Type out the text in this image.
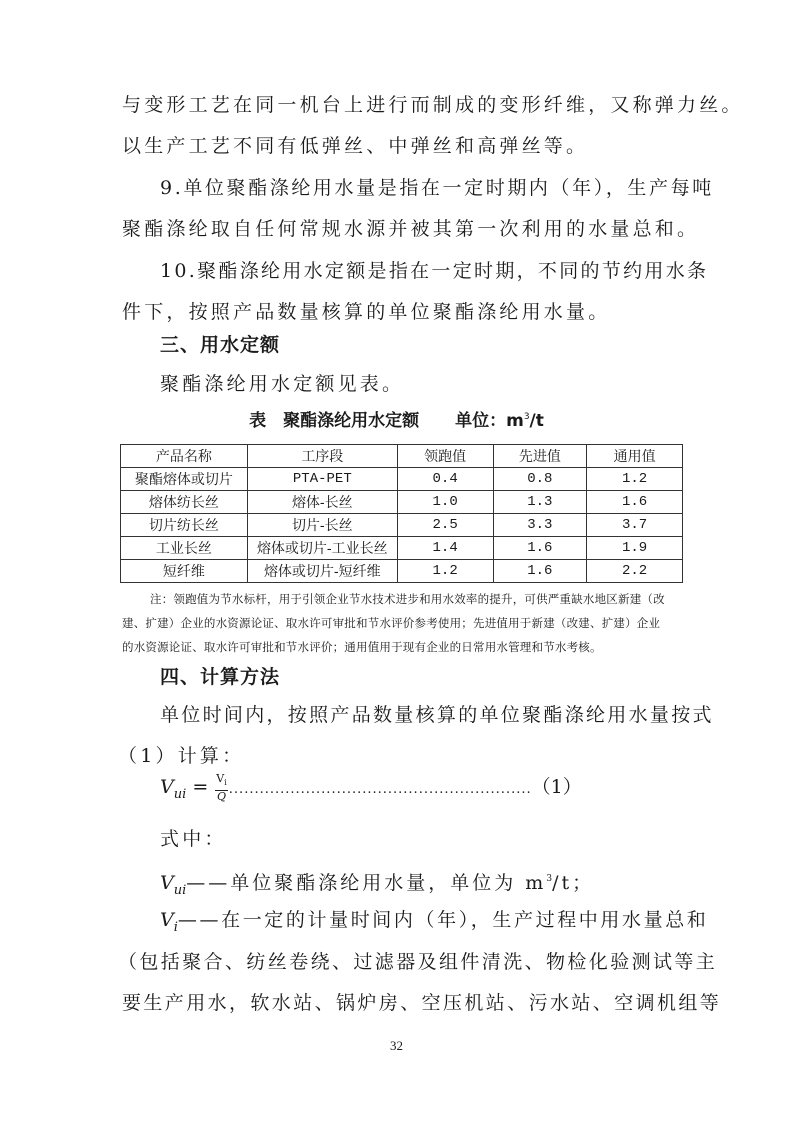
与变形工艺在同一机台上进行而制成的变形纤维，又称弹力丝。
以生产工艺不同有低弹丝、中弹丝和高弹丝等。
9.单位聚酯涤纶用水量是指在一定时期内（年），生产每吨
聚酯涤纶取自任何常规水源并被其第一次利用的水量总和。
10.聚酯涤纶用水定额是指在一定时期，不同的节约用水条
件下，按照产品数量核算的单位聚酯涤纶用水量。
三、用水定额
聚酯涤纶用水定额见表。
表　聚酯涤纶用水定额 单位：$m^3/t$
产品名称	工序段	领跑值	先进值	通用值
聚酯熔体或切片	PTA-PET	0.4	0.8	1.2
熔体纺长丝	熔体-长丝	1.0	1.3	1.6
切片纺长丝	切片-长丝	2.5	3.3	3.7
工业长丝	熔体或切片-工业长丝	1.4	1.6	1.9
短纤维	熔体或切片-短纤维	1.2	1.6	2.2
注：领跑值为节水标杆，用于引领企业节水技术进步和用水效率的提升，可供严重缺水地区新建（改
建、扩建）企业的水资源论证、取水许可审批和节水评价参考使用；先进值用于新建（改建、扩建）企业
的水资源论证、取水许可审批和节水评价；通用值用于现有企业的日常用水管理和节水考核。
四、计算方法
单位时间内，按照产品数量核算的单位聚酯涤纶用水量按式
（1）计算：
$V_{ui} = \frac{V_i}{Q} ...........................................................(1)$
式中：
$V_{ui}——$单位聚酯涤纶用水量，单位为 $m^3/t$；
$V_i——$在一定的计量时间内（年），生产过程中用水量总和
（包括聚合、纺丝卷绕、过滤器及组件清洗、物检化验测试等主
要生产用水，软水站、锅炉房、空压机站、污水站、空调机组等
32
